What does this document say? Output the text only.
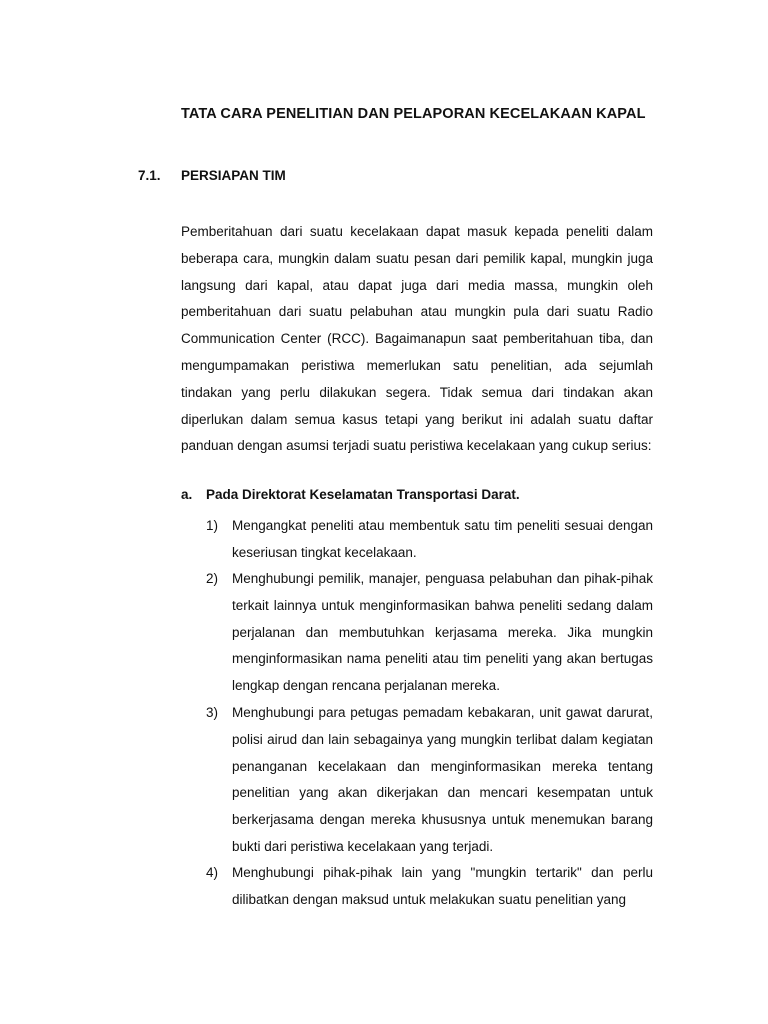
TATA CARA PENELITIAN DAN PELAPORAN KECELAKAAN KAPAL
7.1. PERSIAPAN TIM

Pemberitahuan dari suatu kecelakaan dapat masuk kepada peneliti dalam beberapa cara, mungkin dalam suatu pesan dari pemilik kapal, mungkin juga langsung dari kapal, atau dapat juga dari media massa, mungkin oleh pemberitahuan dari suatu pelabuhan atau mungkin pula dari suatu Radio Communication Center (RCC). Bagaimanapun saat pemberitahuan tiba, dan mengumpamakan peristiwa memerlukan satu penelitian, ada sejumlah tindakan yang perlu dilakukan segera. Tidak semua dari tindakan akan diperlukan dalam semua kasus tetapi yang berikut ini adalah suatu daftar panduan dengan asumsi terjadi suatu peristiwa kecelakaan yang cukup serius:

a. Pada Direktorat Keselamatan Transportasi Darat.
1) Mengangkat peneliti atau membentuk satu tim peneliti sesuai dengan keseriusan tingkat kecelakaan.
2) Menghubungi pemilik, manajer, penguasa pelabuhan dan pihak-pihak terkait lainnya untuk menginformasikan bahwa peneliti sedang dalam perjalanan dan membutuhkan kerjasama mereka. Jika mungkin menginformasikan nama peneliti atau tim peneliti yang akan bertugas lengkap dengan rencana perjalanan mereka.
3) Menghubungi para petugas pemadam kebakaran, unit gawat darurat, polisi airud dan lain sebagainya yang mungkin terlibat dalam kegiatan penanganan kecelakaan dan menginformasikan mereka tentang penelitian yang akan dikerjakan dan mencari kesempatan untuk berkerjasama dengan mereka khususnya untuk menemukan barang bukti dari peristiwa kecelakaan yang terjadi.
4) Menghubungi pihak-pihak lain yang "mungkin tertarik" dan perlu dilibatkan dengan maksud untuk melakukan suatu penelitian yang
